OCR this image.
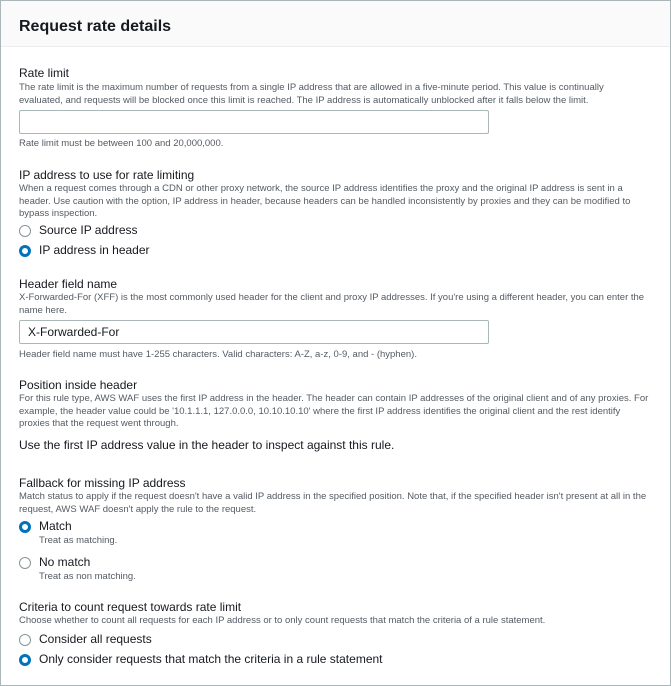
Request rate details
Rate limit
The rate limit is the maximum number of requests from a single IP address that are allowed in a five-minute period. This value is continually evaluated, and requests will be blocked once this limit is reached. The IP address is automatically unblocked after it falls below the limit.
Rate limit must be between 100 and 20,000,000.
IP address to use for rate limiting
When a request comes through a CDN or other proxy network, the source IP address identifies the proxy and the original IP address is sent in a header. Use caution with the option, IP address in header, because headers can be handled inconsistently by proxies and they can be modified to bypass inspection.
Source IP address
IP address in header
Header field name
X-Forwarded-For (XFF) is the most commonly used header for the client and proxy IP addresses. If you're using a different header, you can enter the name here.
X-Forwarded-For
Header field name must have 1-255 characters. Valid characters: A-Z, a-z, 0-9, and - (hyphen).
Position inside header
For this rule type, AWS WAF uses the first IP address in the header. The header can contain IP addresses of the original client and of any proxies. For example, the header value could be '10.1.1.1, 127.0.0.0, 10.10.10.10' where the first IP address identifies the original client and the rest identify proxies that the request went through.
Use the first IP address value in the header to inspect against this rule.
Fallback for missing IP address
Match status to apply if the request doesn't have a valid IP address in the specified position. Note that, if the specified header isn't present at all in the request, AWS WAF doesn't apply the rule to the request.
Match
Treat as matching.
No match
Treat as non matching.
Criteria to count request towards rate limit
Choose whether to count all requests for each IP address or to only count requests that match the criteria of a rule statement.
Consider all requests
Only consider requests that match the criteria in a rule statement
